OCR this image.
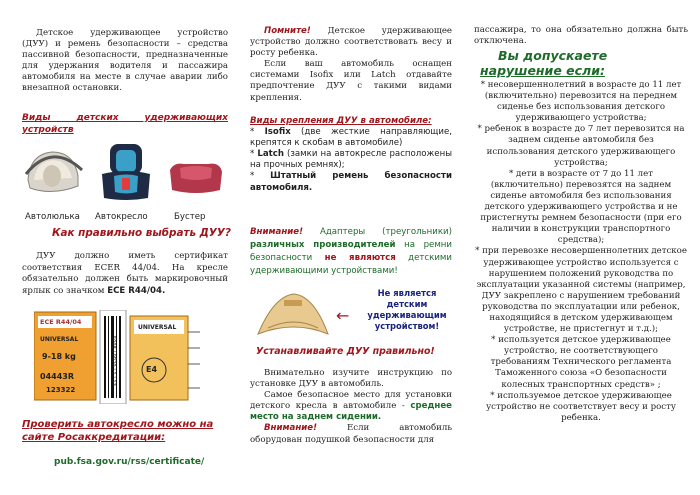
Детское удерживающее устройство (ДУУ) и ремень безопасности – средства пассивной безопасности, предназначенные для удержания водителя и пассажира автомобиля на месте в случае аварии либо внезапной остановки.

Виды детских удерживающих устройств
Автолюлька Автокресло	Бустер
Как правильно выбрать ДУУ?

ДУУ должно иметь сертификат соответствия ECER 44/04. На кресле обязательно должен быть маркировочный ярлык со значком ECE R44/04.

ECE R44/04
UNIVERSAL
9-18 kg
04443R
123322
UNIVERSAL
E4
5008 | 0R20 | 1 | 13
Проверить автокресло можно на сайте Росаккредитации:
pub.fsa.gov.ru/rss/certificate/

Помните! Детское удерживающее устройство должно соответствовать весу и росту ребенка.

Если ваш автомобиль оснащен системами Isofix или Latch отдавайте предпочтение ДУУ с такими видами крепления.

Виды крепления ДУУ в автомобиле:
* Isofix (две жесткие направляющие, крепятся к скобам в автомобиле)
* Latch (замки на автокресле расположены на прочных ремнях);
* Штатный ремень безопасности автомобиля.
Внимание! Адаптеры (треугольники) различных производителей на ремни безопасности не являются детскими удерживающими устройствами!
←
Не является детским удерживающим устройством!
Устанавливайте ДУУ правильно!

Внимательно изучите инструкцию по установке ДУУ в автомобиль.

Самое безопасное место для установки детского кресла в автомобиле - среднее место на заднем сидении.

Внимание! Если автомобиль оборудован подушкой безопасности для

пассажира, то она обязательно должна быть отключена.
Вы допускаете
нарушение если:

* несовершеннолетний в возрасте до 11 лет (включительно) перевозится на переднем сиденье без использования детского удерживающего устройства;

* ребенок в возрасте до 7 лет перевозится на заднем сиденье автомобиля без использования детского удерживающего устройства;

* дети в возрасте от 7 до 11 лет (включительно) перевозятся на заднем сиденье автомобиля без использования детского удерживающего устройства и не пристегнуты ремнем безопасности (при его наличии в конструкции транспортного средства);

* при перевозке несовершеннолетних детское удерживающее устройство используется с нарушением положений руководства по эксплуатации указанной системы (например, ДУУ закреплено с нарушением требований руководства по эксплуатации или ребенок, находящийся в детском удерживающем устройстве, не пристегнут и т.д.);

* используется детское удерживающее устройство, не соответствующего требованиям Технического регламента Таможенного союза «О безопасности колесных транспортных средств» ;

* используемое детское удерживающее устройство не соответствует весу и росту ребенка.
